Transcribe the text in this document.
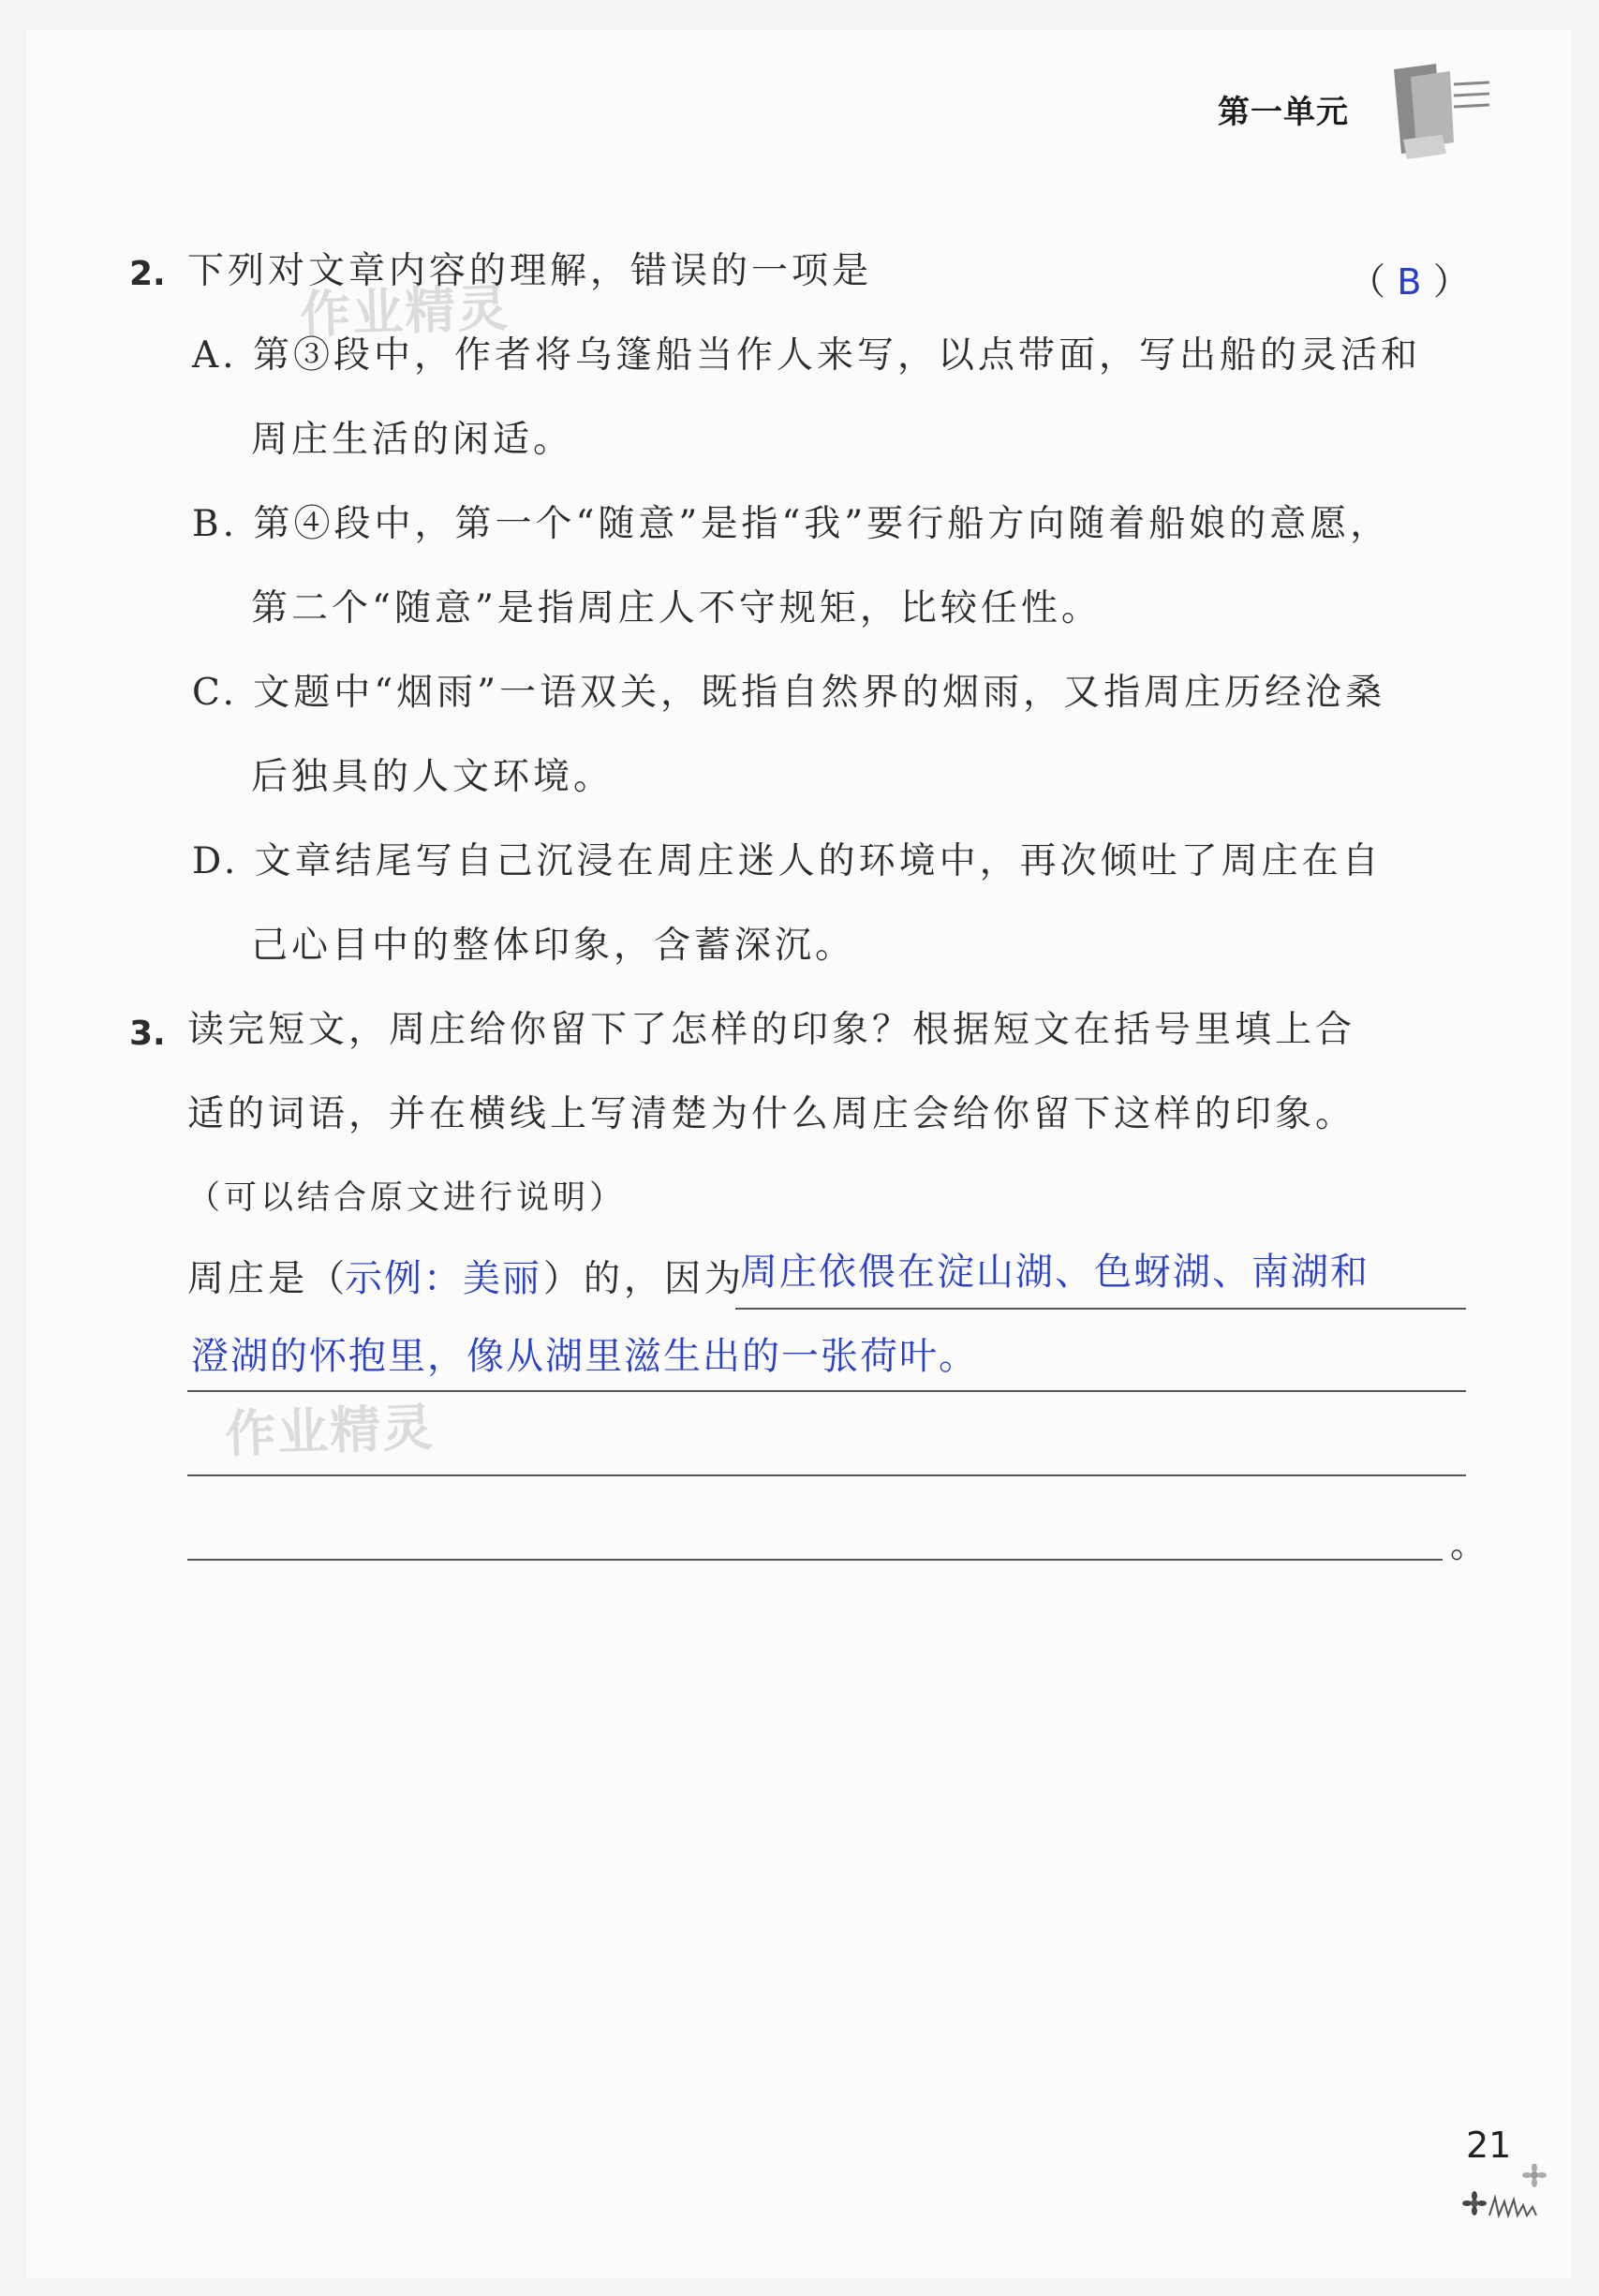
第一单元
作业精灵
作业精灵
2. 下列对文章内容的理解，错误的一项是	（ B ）
A. 第③段中，作者将乌篷船当作人来写，以点带面，写出船的灵活和
周庄生活的闲适。
B. 第④段中，第一个“随意”是指“我”要行船方向随着船娘的意愿，
第二个“随意”是指周庄人不守规矩，比较任性。
C. 文题中“烟雨”一语双关，既指自然界的烟雨，又指周庄历经沧桑
后独具的人文环境。
D. 文章结尾写自己沉浸在周庄迷人的环境中，再次倾吐了周庄在自
己心目中的整体印象，含蓄深沉。
3. 读完短文，周庄给你留下了怎样的印象？根据短文在括号里填上合
适的词语，并在横线上写清楚为什么周庄会给你留下这样的印象。
（可以结合原文进行说明）
周庄是（
示例：美丽 ）的，因为
周庄依偎在淀山湖、色蚜湖、南湖和
澄湖的怀抱里，像从湖里滋生出的一张荷叶。
。
21
